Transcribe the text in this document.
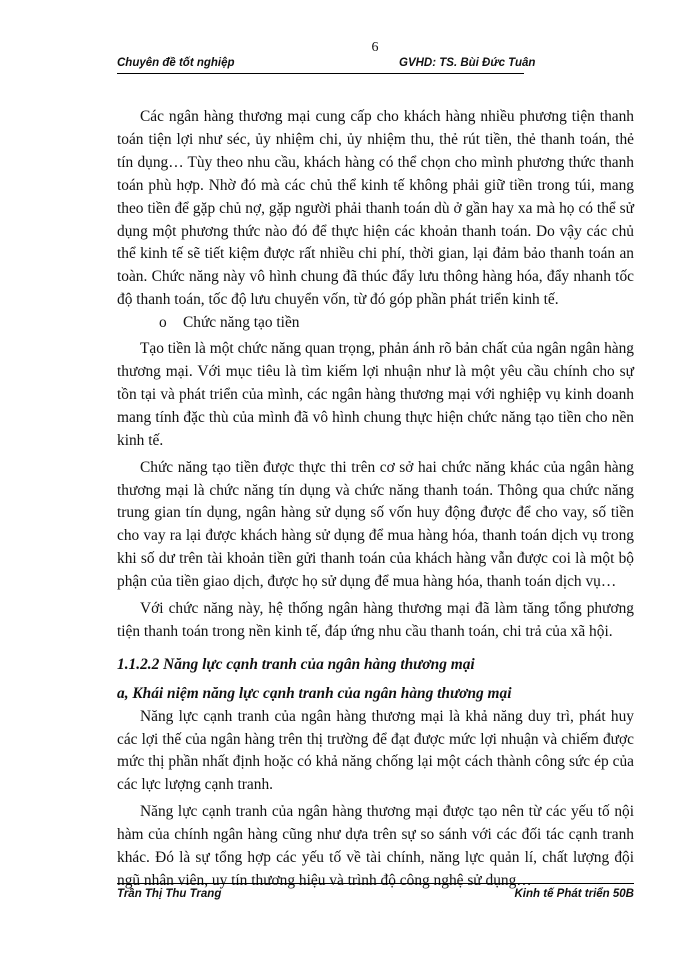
6
Chuyên đề tốt nghiệp	GVHD: TS. Bùi Đức Tuân

Các ngân hàng thương mại cung cấp cho khách hàng nhiều phương tiện thanh toán tiện lợi như séc, ủy nhiệm chi, ủy nhiệm thu, thẻ rút tiền, thẻ thanh toán, thẻ tín dụng… Tùy theo nhu cầu, khách hàng có thể chọn cho mình phương thức thanh toán phù hợp. Nhờ đó mà các chủ thể kinh tế không phải giữ tiền trong túi, mang theo tiền để gặp chủ nợ, gặp người phải thanh toán dù ở gần hay xa mà họ có thể sử dụng một phương thức nào đó để thực hiện các khoản thanh toán. Do vậy các chủ thể kinh tế sẽ tiết kiệm được rất nhiều chi phí, thời gian, lại đảm bảo thanh toán an toàn. Chức năng này vô hình chung đã thúc đẩy lưu thông hàng hóa, đẩy nhanh tốc độ thanh toán, tốc độ lưu chuyển vốn, từ đó góp phần phát triển kinh tế.

o Chức năng tạo tiền

Tạo tiền là một chức năng quan trọng, phản ánh rõ bản chất của ngân ngân hàng thương mại. Với mục tiêu là tìm kiếm lợi nhuận như là một yêu cầu chính cho sự tồn tại và phát triển của mình, các ngân hàng thương mại với nghiệp vụ kinh doanh mang tính đặc thù của mình đã vô hình chung thực hiện chức năng tạo tiền cho nền kinh tế.

Chức năng tạo tiền được thực thi trên cơ sở hai chức năng khác của ngân hàng thương mại là chức năng tín dụng và chức năng thanh toán. Thông qua chức năng trung gian tín dụng, ngân hàng sử dụng số vốn huy động được để cho vay, số tiền cho vay ra lại được khách hàng sử dụng để mua hàng hóa, thanh toán dịch vụ trong khi số dư trên tài khoản tiền gửi thanh toán của khách hàng vẫn được coi là một bộ phận của tiền giao dịch, được họ sử dụng để mua hàng hóa, thanh toán dịch vụ…

Với chức năng này, hệ thống ngân hàng thương mại đã làm tăng tổng phương tiện thanh toán trong nền kinh tế, đáp ứng nhu cầu thanh toán, chi trả của xã hội.

1.1.2.2 Năng lực cạnh tranh của ngân hàng thương mại

a, Khái niệm năng lực cạnh tranh của ngân hàng thương mại

Năng lực cạnh tranh của ngân hàng thương mại là khả năng duy trì, phát huy các lợi thế của ngân hàng trên thị trường để đạt được mức lợi nhuận và chiếm được mức thị phần nhất định hoặc có khả năng chống lại một cách thành công sức ép của các lực lượng cạnh tranh.

Năng lực cạnh tranh của ngân hàng thương mại được tạo nên từ các yếu tố nội hàm của chính ngân hàng cũng như dựa trên sự so sánh với các đối tác cạnh tranh khác. Đó là sự tổng hợp các yếu tố về tài chính, năng lực quản lí, chất lượng đội ngũ nhân viên, uy tín thương hiệu và trình độ công nghệ sử dụng…

Trần Thị Thu Trang	Kinh tế Phát triển 50B
